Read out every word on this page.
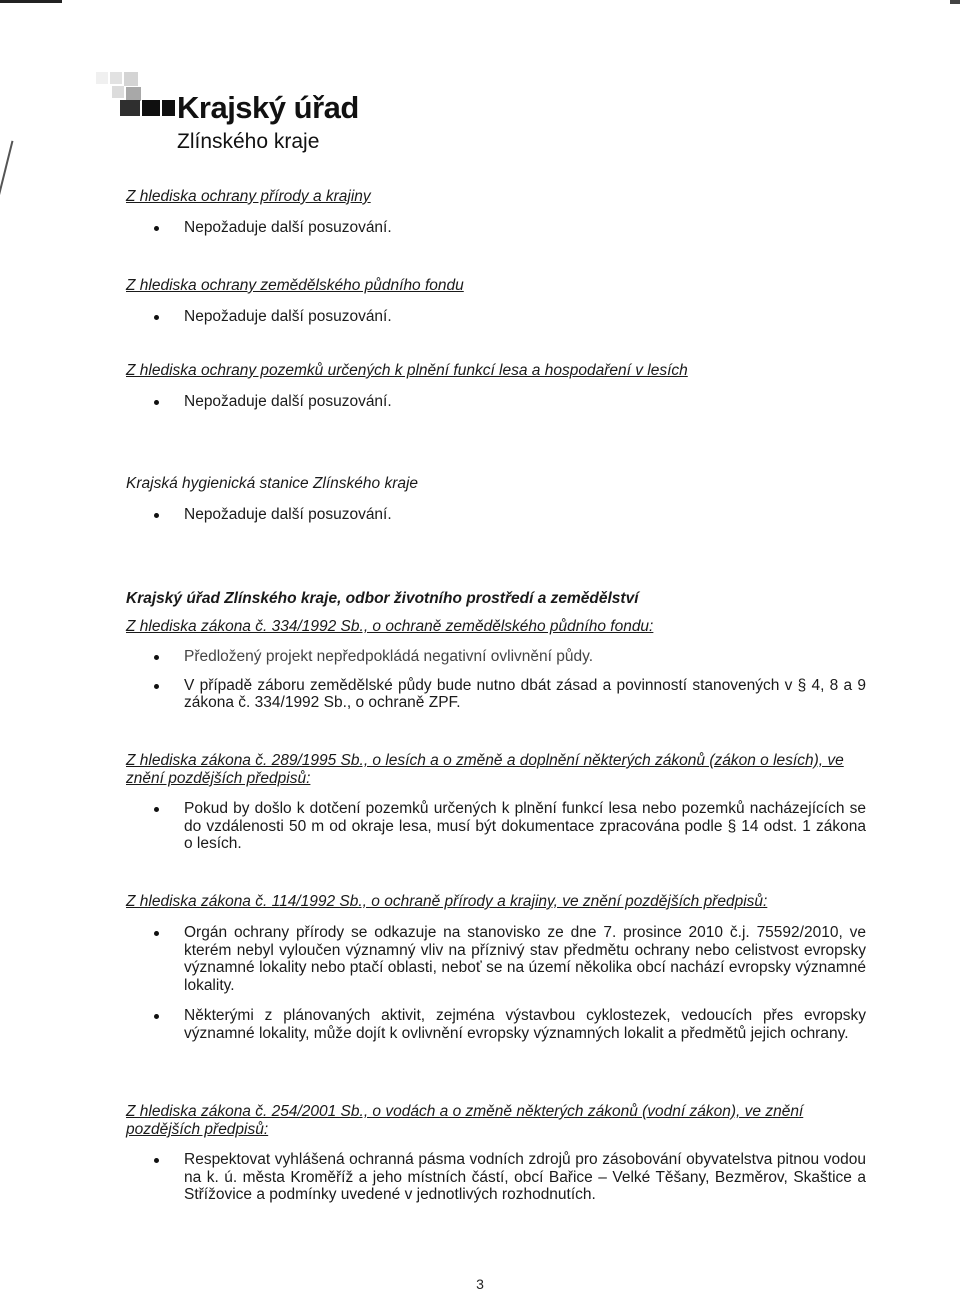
Krajský úřad
Zlínského kraje

Z hlediska ochrany přírody a krajiny

Nepožaduje další posuzování.

Z hlediska ochrany zemědělského půdního fondu

Nepožaduje další posuzování.

Z hlediska ochrany pozemků určených k plnění funkcí lesa a hospodaření v lesích

Nepožaduje další posuzování.

Krajská hygienická stanice Zlínského kraje

Nepožaduje další posuzování.

Krajský úřad Zlínského kraje, odbor životního prostředí a zemědělství

Z hlediska zákona č. 334/1992 Sb., o ochraně zemědělského půdního fondu:

Předložený projekt nepředpokládá negativní ovlivnění půdy.
V případě záboru zemědělské půdy bude nutno dbát zásad a povinností stanovených v § 4, 8 a 9 zákona č. 334/1992 Sb., o ochraně ZPF.

Z hlediska zákona č. 289/1995 Sb., o lesích a o změně a doplnění některých zákonů (zákon o lesích), ve znění pozdějších předpisů:

Pokud by došlo k dotčení pozemků určených k plnění funkcí lesa nebo pozemků nacházejících se do vzdálenosti 50 m od okraje lesa, musí být dokumentace zpracována podle § 14 odst. 1 zákona o lesích.

Z hlediska zákona č. 114/1992 Sb., o ochraně přírody a krajiny, ve znění pozdějších předpisů:

Orgán ochrany přírody se odkazuje na stanovisko ze dne 7. prosince 2010 č.j. 75592/2010, ve kterém nebyl vyloučen významný vliv na příznivý stav předmětu ochrany nebo celistvost evropsky významné lokality nebo ptačí oblasti, neboť se na území několika obcí nachází evropsky významné lokality.
Některými z plánovaných aktivit, zejména výstavbou cyklostezek, vedoucích přes evropsky významné lokality, může dojít k ovlivnění evropsky významných lokalit a předmětů jejich ochrany.

Z hlediska zákona č. 254/2001 Sb., o vodách a o změně některých zákonů (vodní zákon), ve znění pozdějších předpisů:

Respektovat vyhlášená ochranná pásma vodních zdrojů pro zásobování obyvatelstva pitnou vodou na k. ú. města Kroměříž a jeho místních částí, obcí Bařice – Velké Těšany, Bezměrov, Skaštice a Střížovice a podmínky uvedené v jednotlivých rozhodnutích.
3
